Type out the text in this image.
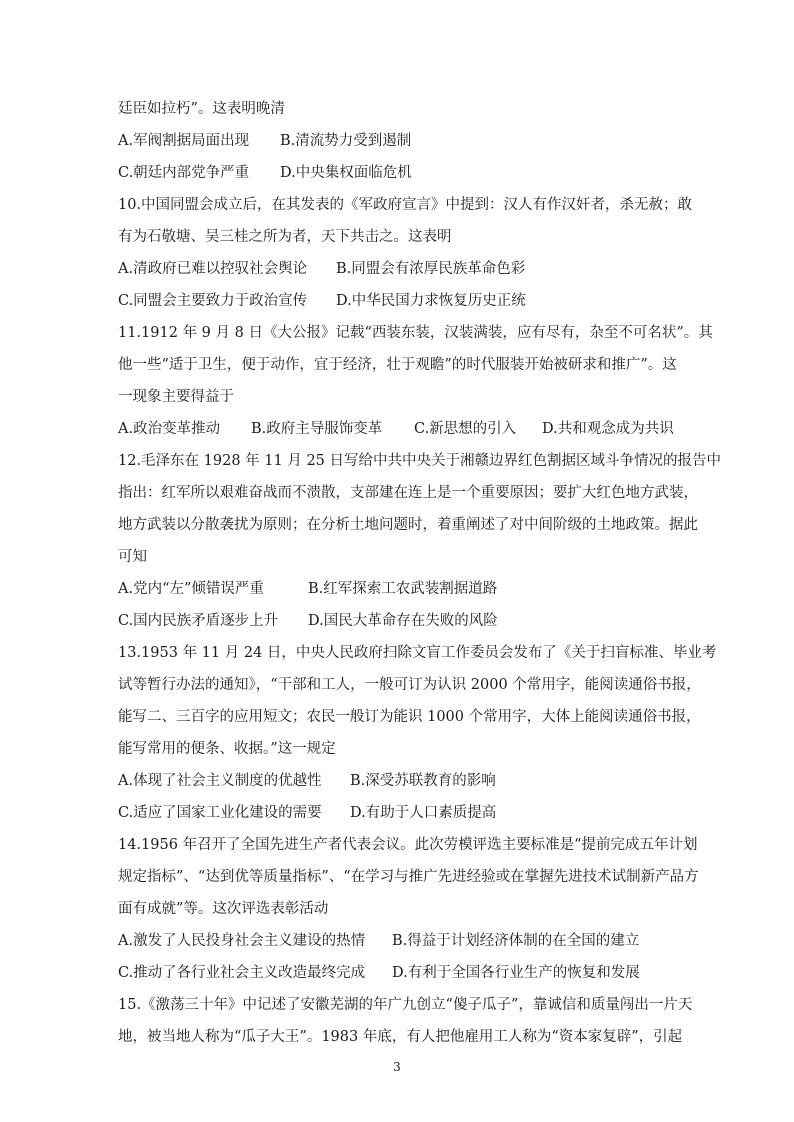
廷臣如拉朽”。这表明晚清
A.军阀割据局面出现 B.清流势力受到遏制
C.朝廷内部党争严重 D.中央集权面临危机
10.中国同盟会成立后，在其发表的《军政府宣言》中提到：汉人有作汉奸者，杀无赦；敢
有为石敬塘、吴三桂之所为者，天下共击之。这表明
A.清政府已难以控驭社会舆论 B.同盟会有浓厚民族革命色彩
C.同盟会主要致力于政治宣传 D.中华民国力求恢复历史正统
11.1912 年 9 月 8 日《大公报》记载“西装东装，汉装满装，应有尽有，杂至不可名状”。其
他一些“适于卫生，便于动作，宜于经济，壮于观瞻”的时代服装开始被研求和推广”。这
一现象主要得益于
A.政治变革推动 B.政府主导服饰变革 C.新思想的引入 D.共和观念成为共识
12.毛泽东在 1928 年 11 月 25 日写给中共中央关于湘赣边界红色割据区域斗争情况的报告中
指出：红军所以艰难奋战而不溃散，支部建在连上是一个重要原因；要扩大红色地方武装，
地方武装以分散袭扰为原则；在分析土地问题时，着重阐述了对中间阶级的土地政策。据此
可知
A.党内“左”倾错误严重	B.红军探索工农武装割据道路
C.国内民族矛盾逐步上升 D.国民大革命存在失败的风险
13.1953 年 11 月 24 日，中央人民政府扫除文盲工作委员会发布了《关于扫盲标准、毕业考
试等暂行办法的通知》，“干部和工人，一般可订为认识 2000 个常用字，能阅读通俗书报，
能写二、三百字的应用短文；农民一般订为能识 1000 个常用字，大体上能阅读通俗书报，
能写常用的便条、收据。”这一规定
A.体现了社会主义制度的优越性 B.深受苏联教育的影响
C.适应了国家工业化建设的需要 D.有助于人口素质提高
14.1956 年召开了全国先进生产者代表会议。此次劳模评选主要标准是“提前完成五年计划
规定指标”、“达到优等质量指标”、“在学习与推广先进经验或在掌握先进技术试制新产品方
面有成就”等。这次评选表彰活动
A.激发了人民投身社会主义建设的热情 B.得益于计划经济体制的在全国的建立
C.推动了各行业社会主义改造最终完成 D.有利于全国各行业生产的恢复和发展
15.《激荡三十年》中记述了安徽芜湖的年广九创立“傻子瓜子”，靠诚信和质量闯出一片天
地，被当地人称为“瓜子大王”。1983 年底，有人把他雇用工人称为“资本家复辟”，引起
3
